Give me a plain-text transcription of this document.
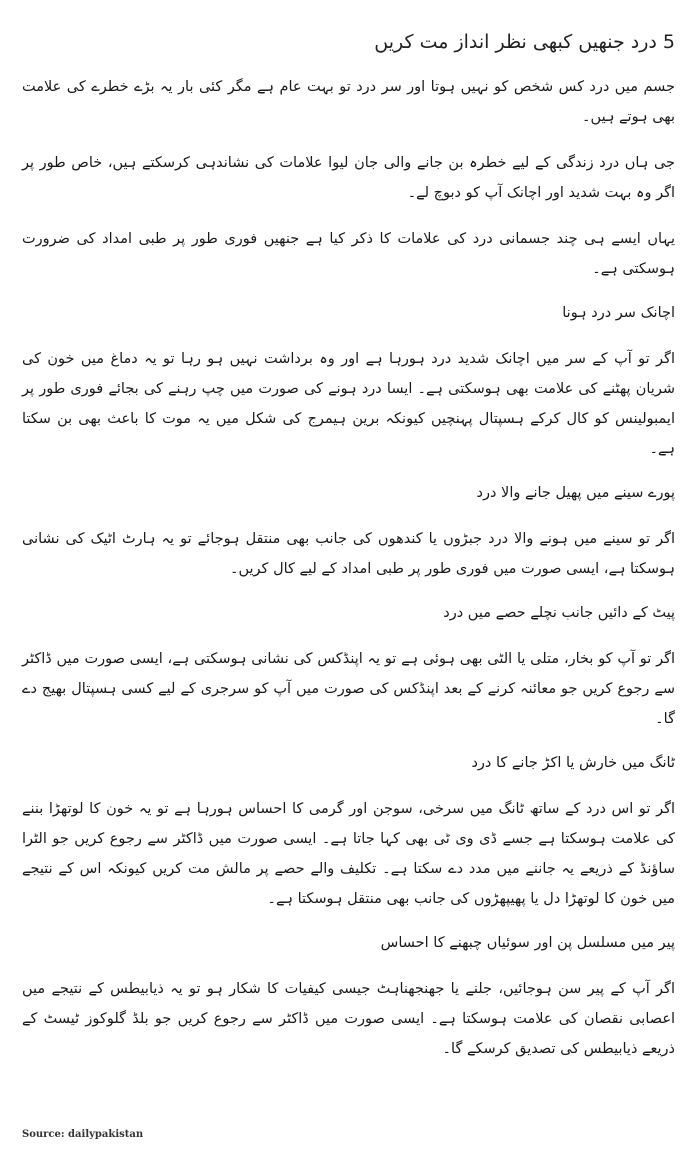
5 درد جنھیں کبھی نظر انداز مت کریں

جسم میں درد کس شخص کو نہیں ہوتا اور سر درد تو بہت عام ہے مگر کئی بار یہ بڑے خطرے کی علامت بھی ہوتے ہیں۔

جی ہاں درد زندگی کے لیے خطرہ بن جانے والی جان لیوا علامات کی نشاندہی کرسکتے ہیں، خاص طور پر اگر وہ بہت شدید اور اچانک آپ کو دبوچ لے۔

یہاں ایسے ہی چند جسمانی درد کی علامات کا ذکر کیا ہے جنھیں فوری طور پر طبی امداد کی ضرورت ہوسکتی ہے۔

اچانک سر درد ہونا

اگر تو آپ کے سر میں اچانک شدید درد ہورہا ہے اور وہ برداشت نہیں ہو رہا تو یہ دماغ میں خون کی شریان پھٹنے کی علامت بھی ہوسکتی ہے۔ ایسا درد ہونے کی صورت میں چپ رہنے کی بجائے فوری طور پر ایمبولینس کو کال کرکے ہسپتال پہنچیں کیونکہ برین ہیمرج کی شکل میں یہ موت کا باعث بھی بن سکتا ہے۔

پورے سینے میں پھیل جانے والا درد

اگر تو سینے میں ہونے والا درد جبڑوں یا کندھوں کی جانب بھی منتقل ہوجائے تو یہ ہارٹ اٹیک کی نشانی ہوسکتا ہے، ایسی صورت میں فوری طور پر طبی امداد کے لیے کال کریں۔

پیٹ کے دائیں جانب نچلے حصے میں درد

اگر تو آپ کو بخار، متلی یا الٹی بھی ہوئی ہے تو یہ اپنڈکس کی نشانی ہوسکتی ہے، ایسی صورت میں ڈاکٹر سے رجوع کریں جو معائنہ کرنے کے بعد اپنڈکس کی صورت میں آپ کو سرجری کے لیے کسی ہسپتال بھیج دے گا۔

ٹانگ میں خارش یا اکڑ جانے کا درد

اگر تو اس درد کے ساتھ ٹانگ میں سرخی، سوجن اور گرمی کا احساس ہورہا ہے تو یہ خون کا لوتھڑا بننے کی علامت ہوسکتا ہے جسے ڈی وی ٹی بھی کہا جاتا ہے۔ ایسی صورت میں ڈاکٹر سے رجوع کریں جو الٹرا ساؤنڈ کے ذریعے یہ جاننے میں مدد دے سکتا ہے۔ تکلیف والے حصے پر مالش مت کریں کیونکہ اس کے نتیجے میں خون کا لوتھڑا دل یا پھیپھڑوں کی جانب بھی منتقل ہوسکتا ہے۔

پیر میں مسلسل پن اور سوئیاں چبھنے کا احساس

اگر آپ کے پیر سن ہوجائیں، جلنے یا جھنجھناہٹ جیسی کیفیات کا شکار ہو تو یہ ذیابیطس کے نتیجے میں اعصابی نقصان کی علامت ہوسکتا ہے۔ ایسی صورت میں ڈاکٹر سے رجوع کریں جو بلڈ گلوکوز ٹیسٹ کے ذریعے ذیابیطس کی تصدیق کرسکے گا۔

Source: dailypakistan
